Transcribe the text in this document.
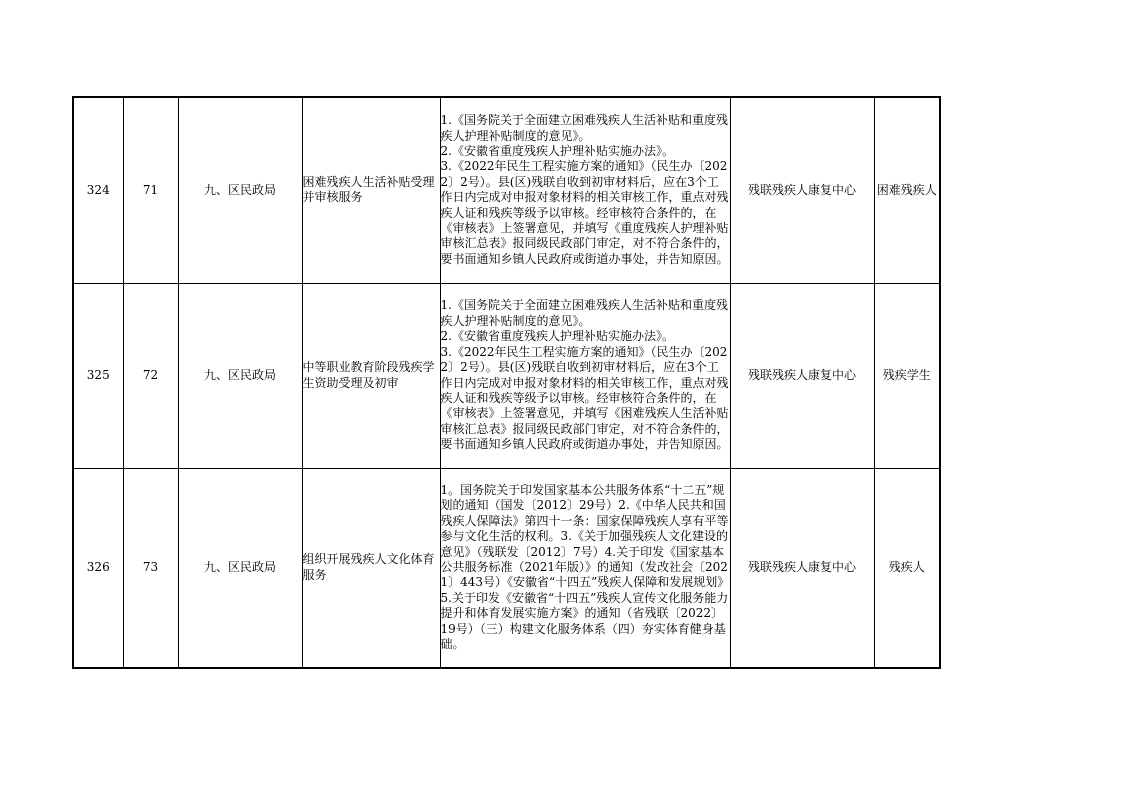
324	71	九、区民政局	困难残疾人生活补贴受理并审核服务	1.《国务院关于全面建立困难残疾人生活补贴和重度残疾人护理补贴制度的意见》。
2.《安徽省重度残疾人护理补贴实施办法》。
3.《2022年民生工程实施方案的通知》（民生办〔2022〕2号）。县(区)残联自收到初审材料后，应在3个工作日内完成对申报对象材料的相关审核工作，重点对残疾人证和残疾等级予以审核。经审核符合条件的，在《审核表》上签署意见，并填写《重度残疾人护理补贴审核汇总表》报同级民政部门审定，对不符合条件的，要书面通知乡镇人民政府或街道办事处，并告知原因。	残联残疾人康复中心	困难残疾人
325	72	九、区民政局	中等职业教育阶段残疾学生资助受理及初审	1.《国务院关于全面建立困难残疾人生活补贴和重度残疾人护理补贴制度的意见》。
2.《安徽省重度残疾人护理补贴实施办法》。
3.《2022年民生工程实施方案的通知》（民生办〔2022〕2号）。县(区)残联自收到初审材料后，应在3个工作日内完成对申报对象材料的相关审核工作，重点对残疾人证和残疾等级予以审核。经审核符合条件的，在《审核表》上签署意见，并填写《困难残疾人生活补贴审核汇总表》报同级民政部门审定，对不符合条件的，要书面通知乡镇人民政府或街道办事处，并告知原因。	残联残疾人康复中心	残疾学生
326	73	九、区民政局	组织开展残疾人文化体育服务	1。国务院关于印发国家基本公共服务体系“十二五”规划的通知（国发〔2012〕29号）2.《中华人民共和国残疾人保障法》第四十一条：国家保障残疾人享有平等参与文化生活的权利。3.《关于加强残疾人文化建设的意见》（残联发〔2012〕7号）4.关于印发《国家基本公共服务标准（2021年版）》的通知（发改社会〔2021〕443号）《安徽省“十四五”残疾人保障和发展规划》5.关于印发《安徽省“十四五”残疾人宣传文化服务能力提升和体育发展实施方案》的通知（省残联〔2022〕19号）（三）构建文化服务体系（四）夯实体育健身基础。	残联残疾人康复中心	残疾人
